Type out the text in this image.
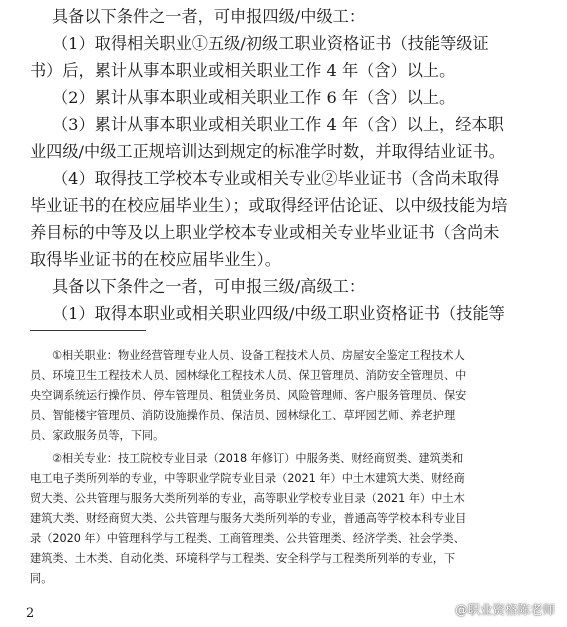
具备以下条件之一者，可申报四级/中级工：
（1）取得相关职业①五级/初级工职业资格证书（技能等级证
书）后，累计从事本职业或相关职业工作 4 年（含）以上。
（2）累计从事本职业或相关职业工作 6 年（含）以上。
（3）累计从事本职业或相关职业工作 4 年（含）以上，经本职
业四级/中级工正规培训达到规定的标准学时数，并取得结业证书。
（4）取得技工学校本专业或相关专业②毕业证书（含尚未取得
毕业证书的在校应届毕业生）；或取得经评估论证、以中级技能为培
养目标的中等及以上职业学校本专业或相关专业毕业证书（含尚未
取得毕业证书的在校应届毕业生）。
具备以下条件之一者，可申报三级/高级工：
（1）取得本职业或相关职业四级/中级工职业资格证书（技能等
①相关职业：物业经营管理专业人员、设备工程技术人员、房屋安全鉴定工程技术人
员、环境卫生工程技术人员、园林绿化工程技术人员、保卫管理员、消防安全管理员、中
央空调系统运行操作员、停车管理员、租赁业务员、风险管理师、客户服务管理员、保安
员、智能楼宇管理员、消防设施操作员、保洁员、园林绿化工、草坪园艺师、养老护理
员、家政服务员等，下同。
②相关专业：技工院校专业目录（2018 年修订）中服务类、财经商贸类、建筑类和
电工电子类所列举的专业，中等职业学院专业目录（2021 年）中土木建筑大类、财经商
贸大类、公共管理与服务大类所列举的专业，高等职业学校专业目录（2021 年）中土木
建筑大类、财经商贸大类、公共管理与服务大类所列举的专业，普通高等学校本科专业目
录（2020 年）中管理科学与工程类、工商管理类、公共管理类、经济学类、社会学类、
建筑类、土木类、自动化类、环境科学与工程类、安全科学与工程类所列举的专业，下
同。
2	@职业资格陈老师
